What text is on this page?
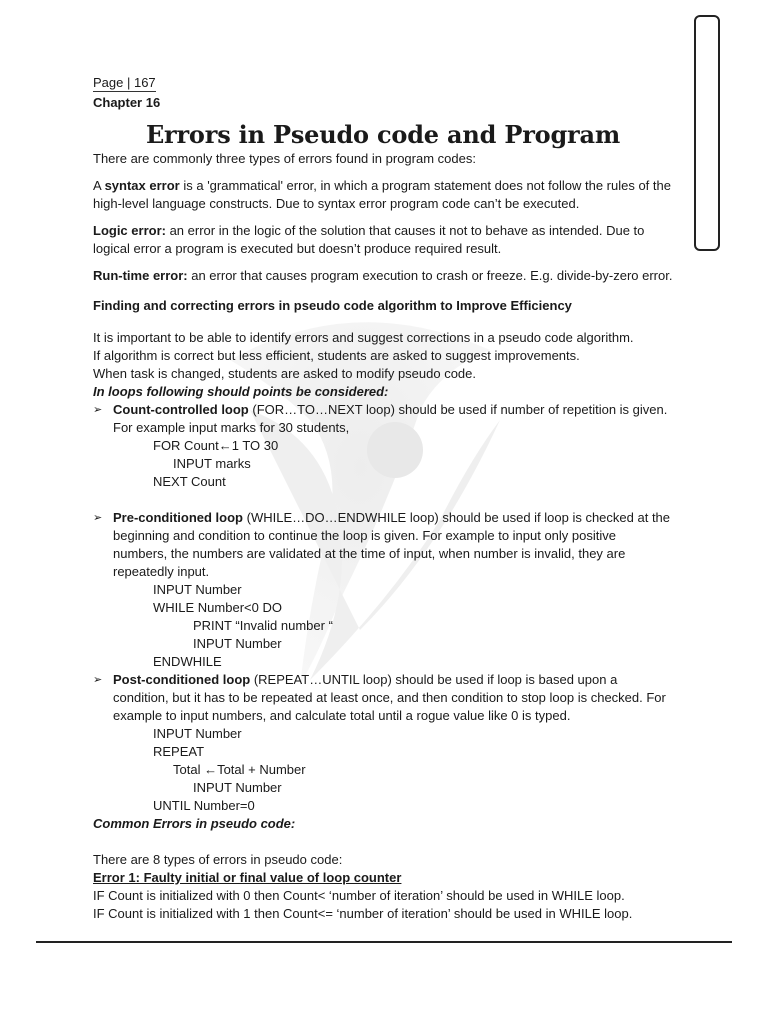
Page | 167
Chapter 16
Errors in Pseudo code and Program

There are commonly three types of errors found in program codes:

A syntax error is a 'grammatical' error, in which a program statement does not follow the rules of the high-level language constructs. Due to syntax error program code can’t be executed.

Logic error: an error in the logic of the solution that causes it not to behave as intended. Due to logical error a program is executed but doesn’t produce required result.

Run-time error: an error that causes program execution to crash or freeze. E.g. divide-by-zero error.

Finding and correcting errors in pseudo code algorithm to Improve Efficiency

It is important to be able to identify errors and suggest corrections in a pseudo code algorithm.

If algorithm is correct but less efficient, students are asked to suggest improvements.

When task is changed, students are asked to modify pseudo code.

In loops following should points be considered:

➢ Count-controlled loop (FOR…TO…NEXT loop) should be used if number of repetition is given. For example input marks for 30 students,
FOR Count←1 TO 30
INPUT marks
NEXT Count
➢ Pre-conditioned loop (WHILE…DO…ENDWHILE loop) should be used if loop is checked at the beginning and condition to continue the loop is given. For example to input only positive numbers, the numbers are validated at the time of input, when number is invalid, they are repeatedly input.
INPUT Number
WHILE Number<0 DO
PRINT “Invalid number “
INPUT Number
ENDWHILE
➢ Post-conditioned loop (REPEAT…UNTIL loop) should be used if loop is based upon a condition, but it has to be repeated at least once, and then condition to stop loop is checked. For example to input numbers, and calculate total until a rogue value like 0 is typed.
INPUT Number
REPEAT
Total ←Total + Number
INPUT Number
UNTIL Number=0
Common Errors in pseudo code:

There are 8 types of errors in pseudo code:

Error 1: Faulty initial or final value of loop counter

IF Count is initialized with 0 then Count< ‘number of iteration’ should be used in WHILE loop.

IF Count is initialized with 1 then Count<= ‘number of iteration’ should be used in WHILE loop.
